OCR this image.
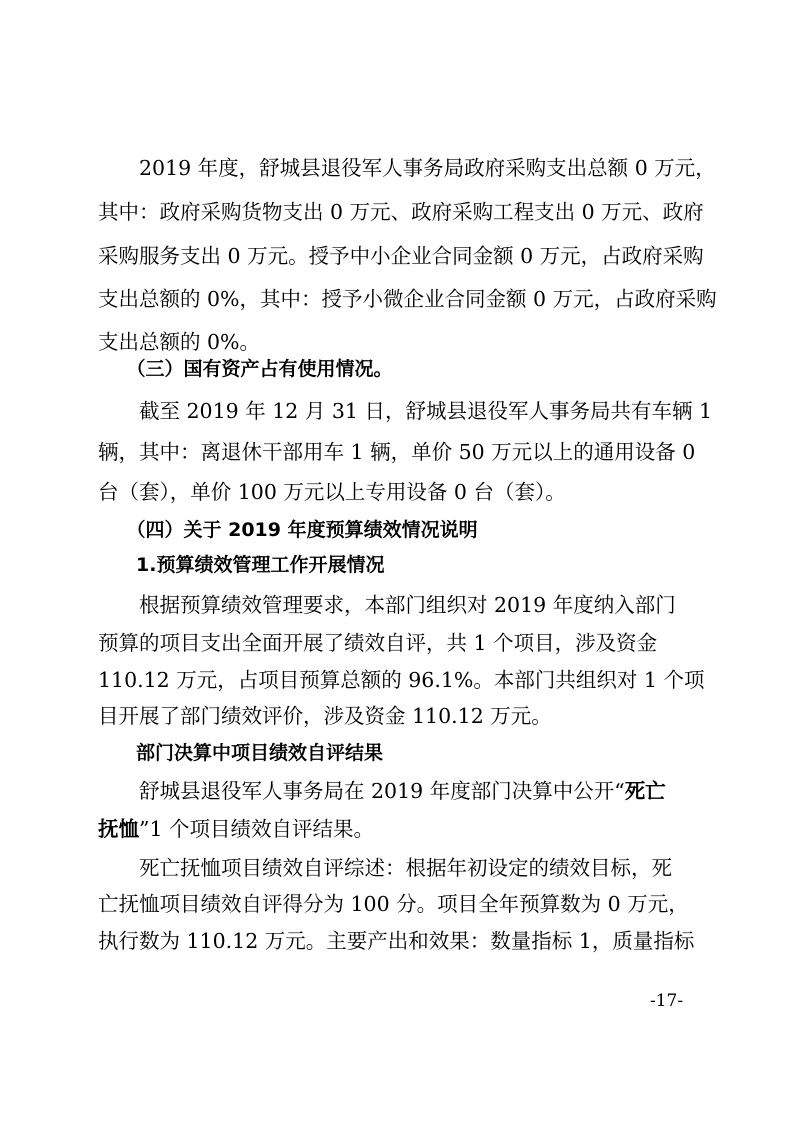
　　2019 年度，舒城县退役军人事务局政府采购支出总额 0 万元，
其中：政府采购货物支出 0 万元、政府采购工程支出 0 万元、政府
采购服务支出 0 万元。授予中小企业合同金额 0 万元，占政府采购
支出总额的 0%，其中：授予小微企业合同金额 0 万元，占政府采购
支出总额的 0%。
　　（三）国有资产占有使用情况。
　　截至 2019 年 12 月 31 日，舒城县退役军人事务局共有车辆 1
辆，其中：离退休干部用车 1 辆，单价 50 万元以上的通用设备 0
台（套），单价 100 万元以上专用设备 0 台（套）。
　　（四）关于 2019 年度预算绩效情况说明
　　1.预算绩效管理工作开展情况
　　根据预算绩效管理要求，本部门组织对 2019 年度纳入部门
预算的项目支出全面开展了绩效自评，共 1 个项目，涉及资金
110.12 万元，占项目预算总额的 96.1%。本部门共组织对 1 个项
目开展了部门绩效评价，涉及资金 110.12 万元。
　　部门决算中项目绩效自评结果
　　舒城县退役军人事务局在 2019 年度部门决算中公开“死亡
抚恤”1 个项目绩效自评结果。
　　死亡抚恤项目绩效自评综述：根据年初设定的绩效目标，死
亡抚恤项目绩效自评得分为 100 分。项目全年预算数为 0 万元，
执行数为 110.12 万元。主要产出和效果：数量指标 1，质量指标
-17-
